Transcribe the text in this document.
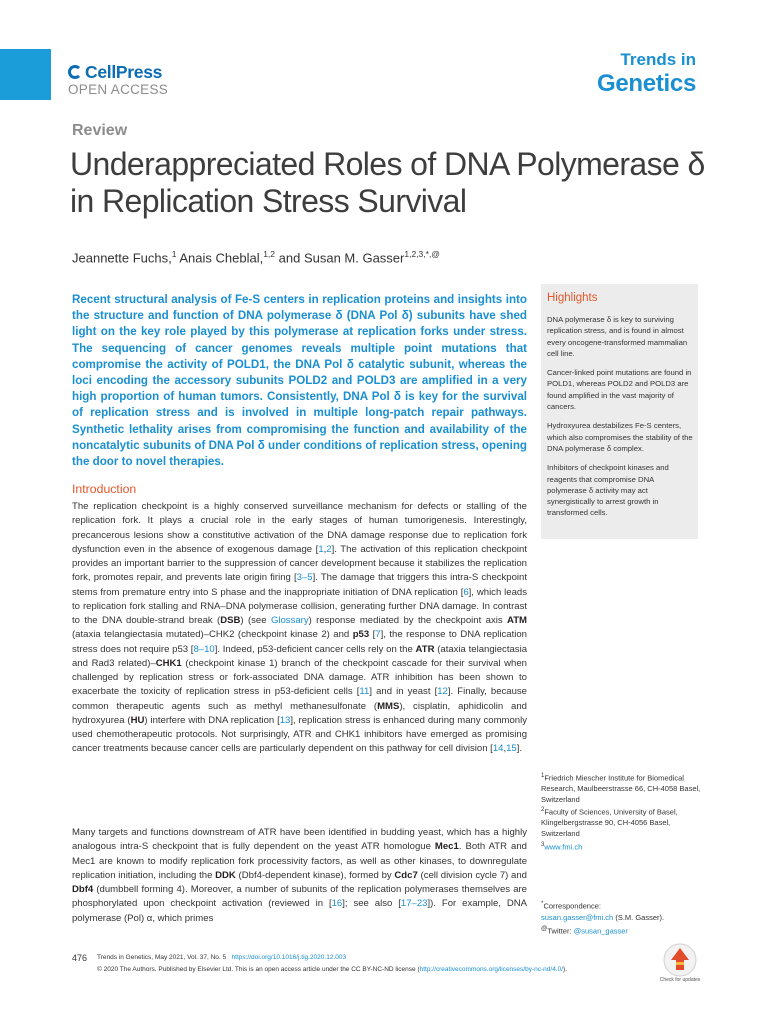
CellPress
OPEN ACCESS
Trends in
Genetics
Review
Underappreciated Roles of DNA Polymerase δ
in Replication Stress Survival
Jeannette Fuchs,$^1$ Anais Cheblal,$^{1,2}$ and Susan M. Gasser$^{1,2,3,*,@}$
Recent structural analysis of Fe-S centers in replication proteins and insights into the structure and function of DNA polymerase δ (DNA Pol δ) subunits have shed light on the key role played by this polymerase at replication forks under stress. The sequencing of cancer genomes reveals multiple point mutations that compromise the activity of POLD1, the DNA Pol δ catalytic subunit, whereas the loci encoding the accessory subunits POLD2 and POLD3 are amplified in a very high proportion of human tumors. Consistently, DNA Pol δ is key for the survival of replication stress and is involved in multiple long-patch repair pathways. Synthetic lethality arises from compromising the function and availability of the noncatalytic subunits of DNA Pol δ under conditions of replication stress, opening the door to novel therapies.
Highlights

DNA polymerase δ is key to surviving replication stress, and is found in almost every oncogene-transformed mammalian cell line.

Cancer-linked point mutations are found in POLD1, whereas POLD2 and POLD3 are found amplified in the vast majority of cancers.

Hydroxyurea destabilizes Fe-S centers, which also compromises the stability of the DNA polymerase δ complex.

Inhibitors of checkpoint kinases and reagents that compromise DNA polymerase δ activity may act synergistically to arrest growth in transformed cells.

Introduction
The replication checkpoint is a highly conserved surveillance mechanism for defects or stalling of the replication fork. It plays a crucial role in the early stages of human tumorigenesis. Interestingly, precancerous lesions show a constitutive activation of the DNA damage response due to replication fork dysfunction even in the absence of exogenous damage [1,2]. The activation of this replication checkpoint provides an important barrier to the suppression of cancer development because it stabilizes the replication fork, promotes repair, and prevents late origin firing [3–5]. The damage that triggers this intra-S checkpoint stems from premature entry into S phase and the inappropriate initiation of DNA replication [6], which leads to replication fork stalling and RNA–DNA polymerase collision, generating further DNA damage. In contrast to the DNA double-strand break (DSB) (see Glossary) response mediated by the checkpoint axis ATM (ataxia telangiectasia mutated)–CHK2 (checkpoint kinase 2) and p53 [7], the response to DNA replication stress does not require p53 [8–10]. Indeed, p53-deficient cancer cells rely on the ATR (ataxia telangiectasia and Rad3 related)–CHK1 (checkpoint kinase 1) branch of the checkpoint cascade for their survival when challenged by replication stress or fork-associated DNA damage. ATR inhibition has been shown to exacerbate the toxicity of replication stress in p53-deficient cells [11] and in yeast [12]. Finally, because common therapeutic agents such as methyl methanesulfonate (MMS), cisplatin, aphidicolin and hydroxyurea (HU) interfere with DNA replication [13], replication stress is enhanced during many commonly used chemotherapeutic protocols. Not surprisingly, ATR and CHK1 inhibitors have emerged as promising cancer treatments because cancer cells are particularly dependent on this pathway for cell division [14,15].
Many targets and functions downstream of ATR have been identified in budding yeast, which has a highly analogous intra-S checkpoint that is fully dependent on the yeast ATR homologue Mec1. Both ATR and Mec1 are known to modify replication fork processivity factors, as well as other kinases, to downregulate replication initiation, including the DDK (Dbf4-dependent kinase), formed by Cdc7 (cell division cycle 7) and Dbf4 (dumbbell forming 4). Moreover, a number of subunits of the replication polymerases themselves are phosphorylated upon checkpoint activation (reviewed in [16]; see also [17–23]). For example, DNA polymerase (Pol) α, which primes
$^1$Friedrich Miescher Institute for Biomedical Research, Maulbeerstrasse 66, CH-4058 Basel, Switzerland
$^2$Faculty of Sciences, University of Basel, Klingelbergstrasse 90, CH-4056 Basel, Switzerland
$^3$www.fmi.ch
*Correspondence:
susan.gasser@fmi.ch (S.M. Gasser).
@Twitter: @susan_gasser
476 Trends in Genetics, May 2021, Vol. 37, No. 5 https://doi.org/10.1016/j.tig.2020.12.003
© 2020 The Authors. Published by Elsevier Ltd. This is an open access article under the CC BY-NC-ND license (http://creativecommons.org/licenses/by-nc-nd/4.0/).
Check for updates
